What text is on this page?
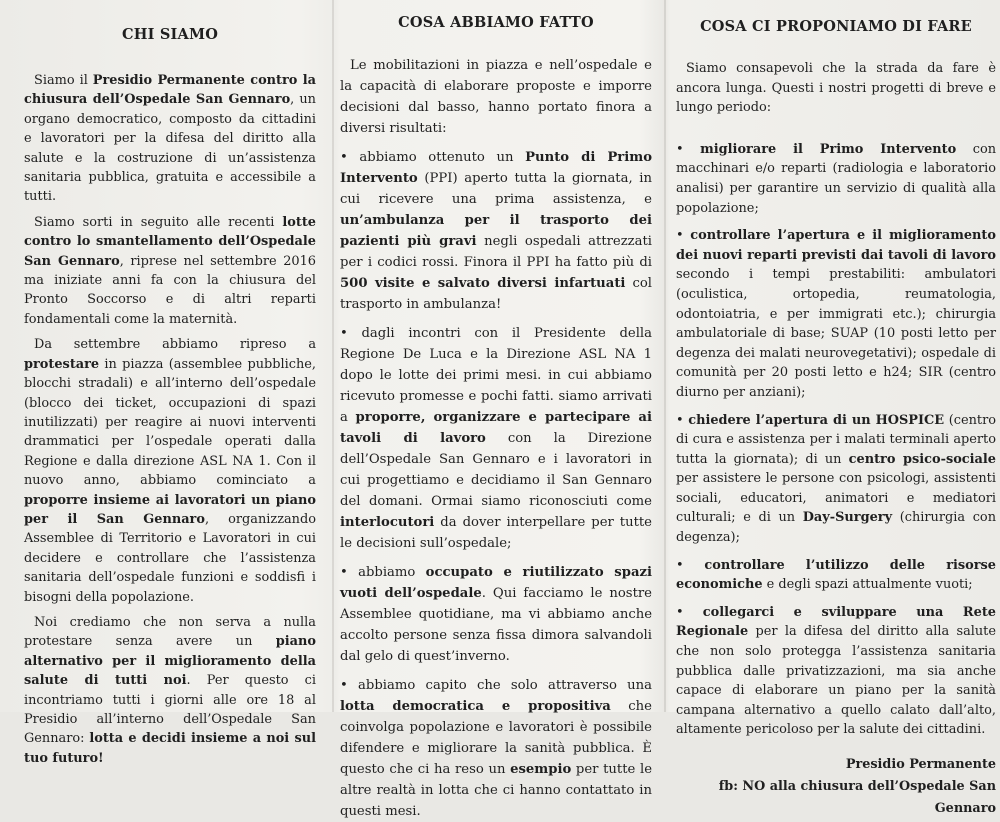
CHI SIAMO

Siamo il Presidio Permanente contro la chiusura dell’Ospedale San Gennaro, un organo democratico, composto da cittadini e lavoratori per la difesa del diritto alla salute e la costruzione di un’assistenza sanitaria pubblica, gratuita e accessibile a tutti.

Siamo sorti in seguito alle recenti lotte contro lo smantellamento dell’Ospedale San Gennaro, riprese nel settembre 2016 ma iniziate anni fa con la chiusura del Pronto Soccorso e di altri reparti fondamentali come la maternità.

Da settembre abbiamo ripreso a protestare in piazza (assemblee pubbliche, blocchi stradali) e all’interno dell’ospedale (blocco dei ticket, occupazioni di spazi inutilizzati) per reagire ai nuovi interventi drammatici per l’ospedale operati dalla Regione e dalla direzione ASL NA 1. Con il nuovo anno, abbiamo cominciato a proporre insieme ai lavoratori un piano per il San Gennaro, organizzando Assemblee di Territorio e Lavoratori in cui decidere e controllare che l’assistenza sanitaria dell’ospedale funzioni e soddisfi i bisogni della popolazione.

Noi crediamo che non serva a nulla protestare senza avere un piano alternativo per il miglioramento della salute di tutti noi. Per questo ci incontriamo tutti i giorni alle ore 18 al Presidio all’interno dell’Ospedale San Gennaro: lotta e decidi insieme a noi sul tuo futuro!

COSA ABBIAMO FATTO

Le mobilitazioni in piazza e nell’ospedale e la capacità di elaborare proposte e imporre decisioni dal basso, hanno portato finora a diversi risultati:

• abbiamo ottenuto un Punto di Primo Intervento (PPI) aperto tutta la giornata, in cui ricevere una prima assistenza, e un’ambulanza per il trasporto dei pazienti più gravi negli ospedali attrezzati per i codici rossi. Finora il PPI ha fatto più di 500 visite e salvato diversi infartuati col trasporto in ambulanza!

• dagli incontri con il Presidente della Regione De Luca e la Direzione ASL NA 1 dopo le lotte dei primi mesi. in cui abbiamo ricevuto promesse e pochi fatti. siamo arrivati a proporre, organizzare e partecipare ai tavoli di lavoro con la Direzione dell’Ospedale San Gennaro e i lavoratori in cui progettiamo e decidiamo il San Gennaro del domani. Ormai siamo riconosciuti come interlocutori da dover interpellare per tutte le decisioni sull’ospedale;

• abbiamo occupato e riutilizzato spazi vuoti dell’ospedale. Qui facciamo le nostre Assemblee quotidiane, ma vi abbiamo anche accolto persone senza fissa dimora salvandoli dal gelo di quest’inverno.

• abbiamo capito che solo attraverso una lotta democratica e propositiva che coinvolga popolazione e lavoratori è possibile difendere e migliorare la sanità pubblica. È questo che ci ha reso un esempio per tutte le altre realtà in lotta che ci hanno contattato in questi mesi.

COSA CI PROPONIAMO DI FARE

Siamo consapevoli che la strada da fare è ancora lunga. Questi i nostri progetti di breve e lungo periodo:

• migliorare il Primo Intervento con macchinari e/o reparti (radiologia e laboratorio analisi) per garantire un servizio di qualità alla popolazione;

• controllare l’apertura e il miglioramento dei nuovi reparti previsti dai tavoli di lavoro secondo i tempi prestabiliti: ambulatori (oculistica, ortopedia, reumatologia, odontoiatria, e per immigrati etc.); chirurgia ambulatoriale di base; SUAP (10 posti letto per degenza dei malati neurovegetativi); ospedale di comunità per 20 posti letto e h24; SIR (centro diurno per anziani);

• chiedere l’apertura di un HOSPICE (centro di cura e assistenza per i malati terminali aperto tutta la giornata); di un centro psico-sociale per assistere le persone con psicologi, assistenti sociali, educatori, animatori e mediatori culturali; e di un Day-Surgery (chirurgia con degenza);

• controllare l’utilizzo delle risorse economiche e degli spazi attualmente vuoti;

• collegarci e sviluppare una Rete Regionale per la difesa del diritto alla salute che non solo protegga l’assistenza sanitaria pubblica dalle privatizzazioni, ma sia anche capace di elaborare un piano per la sanità campana alternativo a quello calato dall’alto, altamente pericoloso per la salute dei cittadini.

Presidio Permanente
fb: NO alla chiusura dell’Ospedale San Gennaro
